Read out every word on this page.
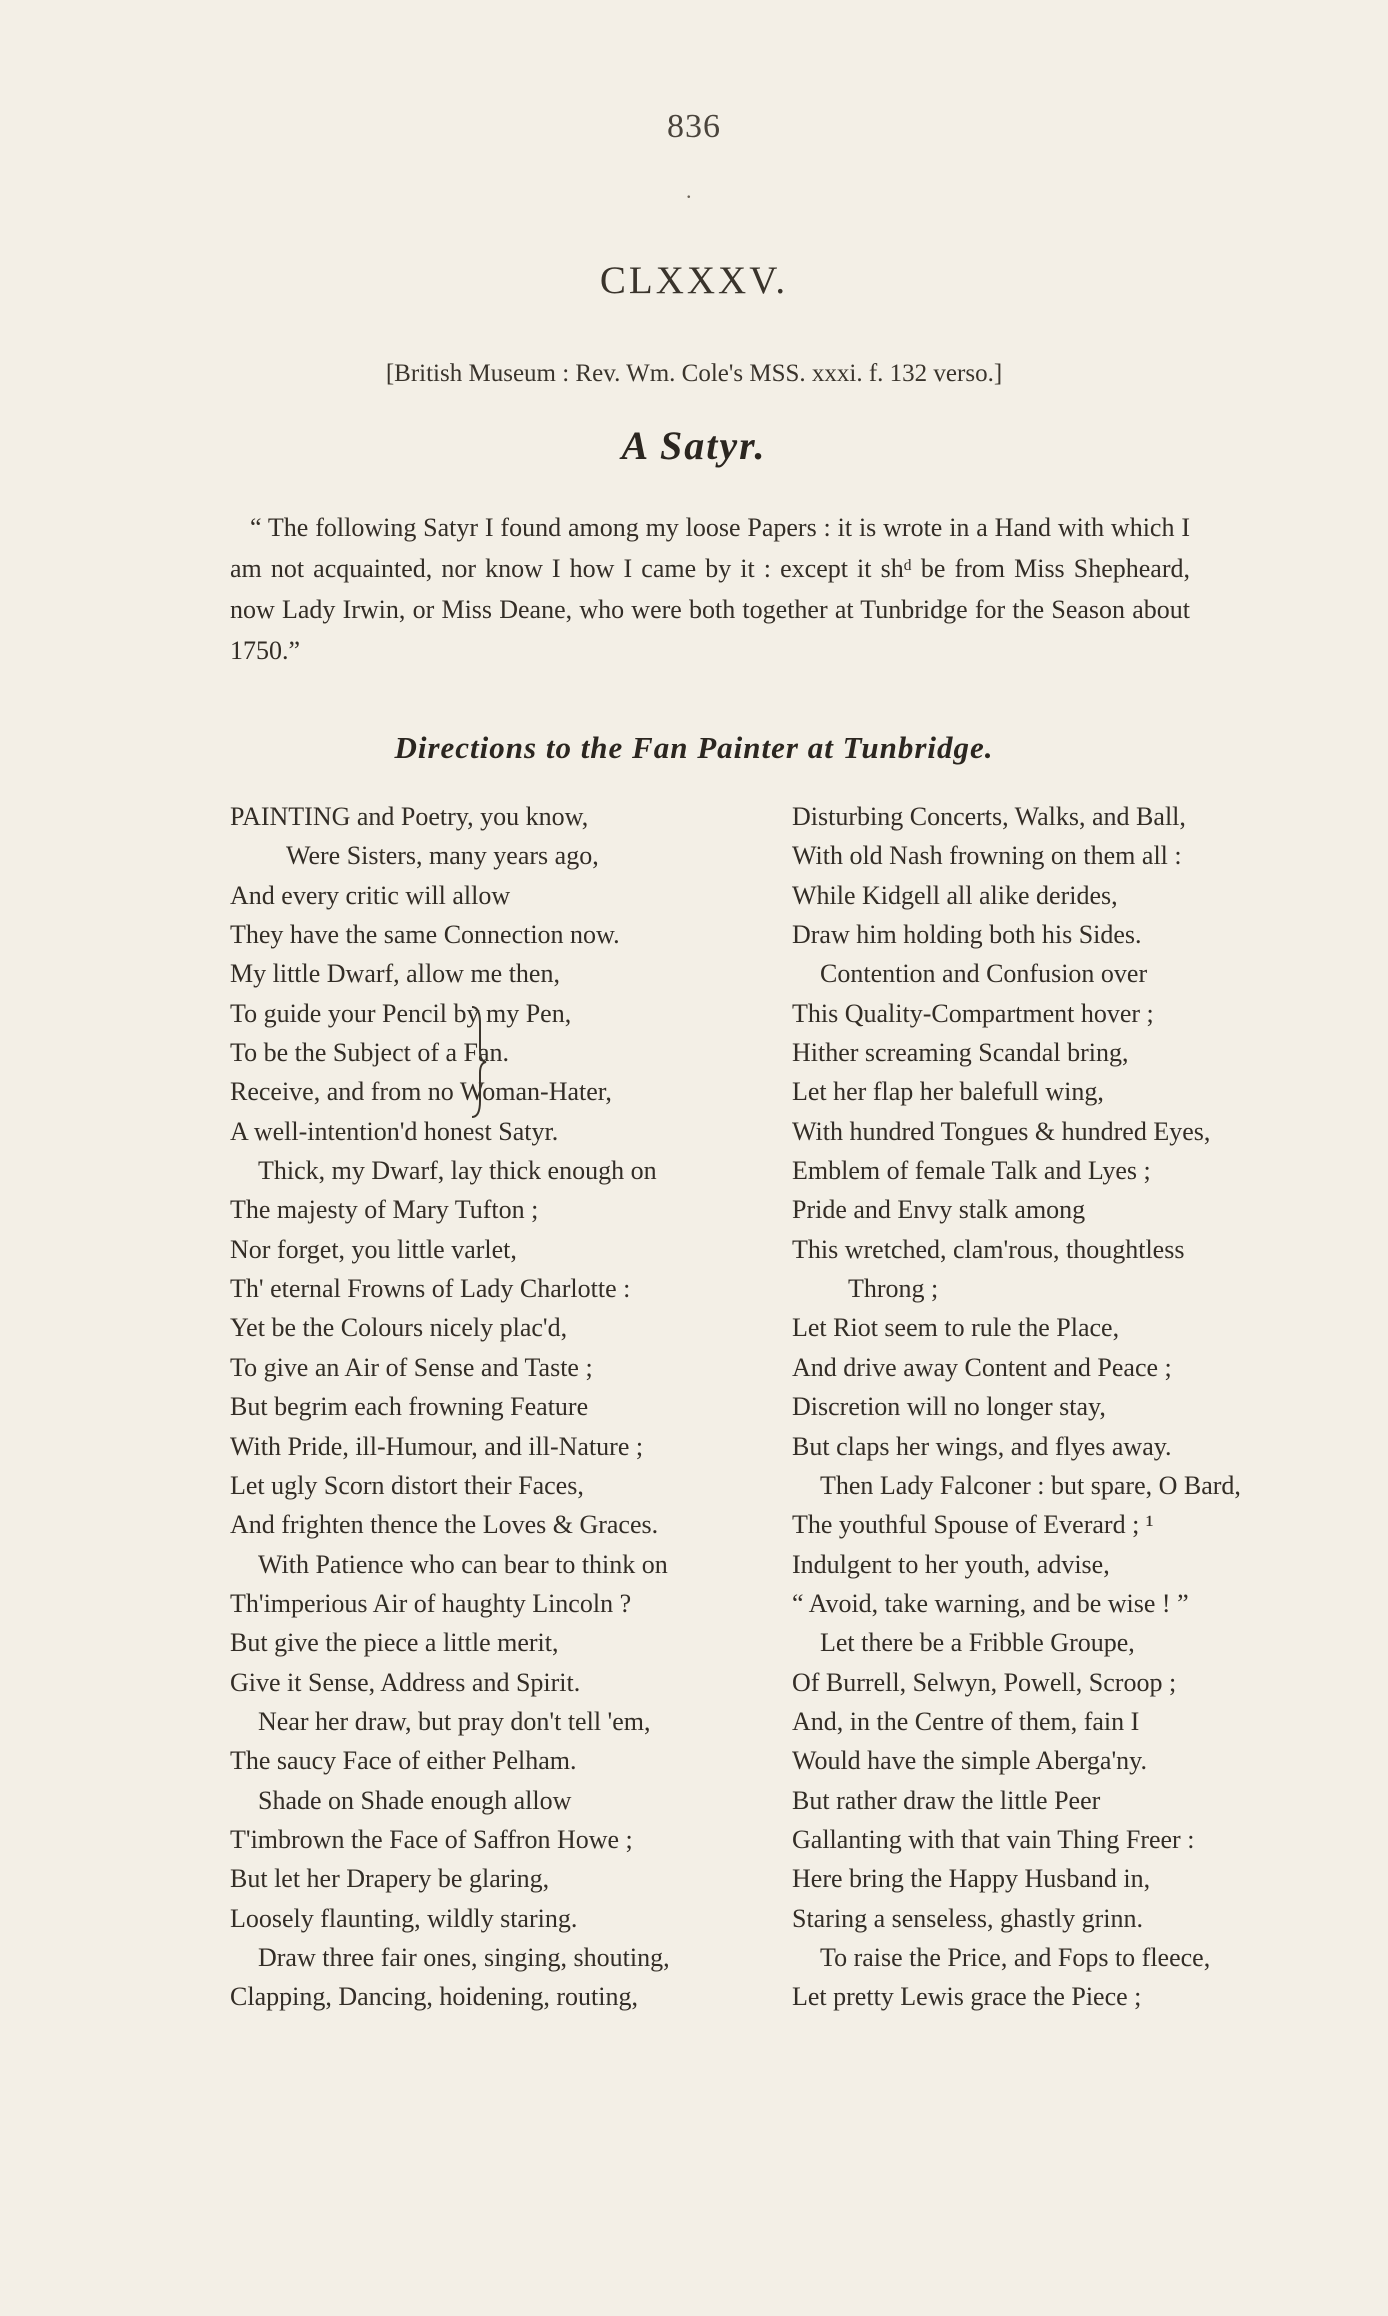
836
.
CLXXXV.
[British Museum : Rev. Wm. Cole's MSS. xxxi. f. 132 verso.]
A Satyr.
“ The following Satyr I found among my loose Papers : it is wrote in a Hand with which I am not acquainted, nor know I how I came by it : except it shᵈ be from Miss Shepheard, now Lady Irwin, or Miss Deane, who were both together at Tunbridge for the Season about 1750.”
Directions to the Fan Painter at Tunbridge.
PAINTING and Poetry, you know,
Were Sisters, many years ago,
And every critic will allow
They have the same Connection now.
My little Dwarf, allow me then,
To guide your Pencil by my Pen,
To be the Subject of a Fan.
Receive, and from no Woman-Hater,
A well-intention'd honest Satyr.
Thick, my Dwarf, lay thick enough on
The majesty of Mary Tufton ;
Nor forget, you little varlet,
Th' eternal Frowns of Lady Charlotte :
Yet be the Colours nicely plac'd,
To give an Air of Sense and Taste ;
But begrim each frowning Feature
With Pride, ill-Humour, and ill-Nature ;
Let ugly Scorn distort their Faces,
And frighten thence the Loves & Graces.
With Patience who can bear to think on
Th'imperious Air of haughty Lincoln ?
But give the piece a little merit,
Give it Sense, Address and Spirit.
Near her draw, but pray don't tell 'em,
The saucy Face of either Pelham.
Shade on Shade enough allow
T'imbrown the Face of Saffron Howe ;
But let her Drapery be glaring,
Loosely flaunting, wildly staring.
Draw three fair ones, singing, shouting,
Clapping, Dancing, hoidening, routing,
Disturbing Concerts, Walks, and Ball,
With old Nash frowning on them all :
While Kidgell all alike derides,
Draw him holding both his Sides.
Contention and Confusion over
This Quality-Compartment hover ;
Hither screaming Scandal bring,
Let her flap her balefull wing,
With hundred Tongues & hundred Eyes,
Emblem of female Talk and Lyes ;
Pride and Envy stalk among
This wretched, clam'rous, thoughtless
Throng ;
Let Riot seem to rule the Place,
And drive away Content and Peace ;
Discretion will no longer stay,
But claps her wings, and flyes away.
Then Lady Falconer : but spare, O Bard,
The youthful Spouse of Everard ; ¹
Indulgent to her youth, advise,
“ Avoid, take warning, and be wise ! ”
Let there be a Fribble Groupe,
Of Burrell, Selwyn, Powell, Scroop ;
And, in the Centre of them, fain I
Would have the simple Aberga'ny.
But rather draw the little Peer
Gallanting with that vain Thing Freer :
Here bring the Happy Husband in,
Staring a senseless, ghastly grinn.
To raise the Price, and Fops to fleece,
Let pretty Lewis grace the Piece ;
